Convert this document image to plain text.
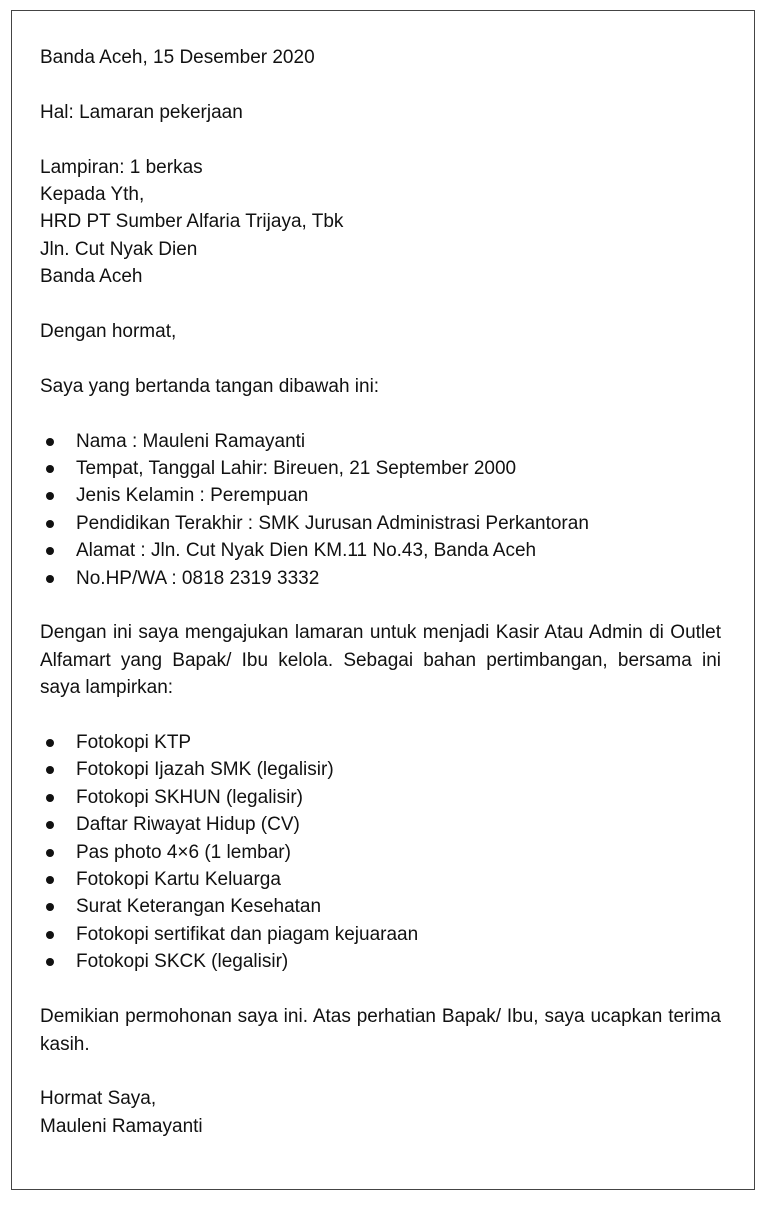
Banda Aceh, 15 Desember 2020
Hal: Lamaran pekerjaan
Lampiran: 1 berkas
Kepada Yth,
HRD PT Sumber Alfaria Trijaya, Tbk
Jln. Cut Nyak Dien
Banda Aceh
Dengan hormat,
Saya yang bertanda tangan dibawah ini:
Nama : Mauleni Ramayanti
Tempat, Tanggal Lahir: Bireuen, 21 September 2000
Jenis Kelamin : Perempuan
Pendidikan Terakhir : SMK Jurusan Administrasi Perkantoran
Alamat : Jln. Cut Nyak Dien KM.11 No.43, Banda Aceh
No.HP/WA : 0818 2319 3332
Dengan ini saya mengajukan lamaran untuk menjadi Kasir Atau Admin di Outlet Alfamart yang Bapak/ Ibu kelola. Sebagai bahan pertimbangan, bersama ini saya lampirkan:
Fotokopi KTP
Fotokopi Ijazah SMK (legalisir)
Fotokopi SKHUN (legalisir)
Daftar Riwayat Hidup (CV)
Pas photo 4×6 (1 lembar)
Fotokopi Kartu Keluarga
Surat Keterangan Kesehatan
Fotokopi sertifikat dan piagam kejuaraan
Fotokopi SKCK (legalisir)
Demikian permohonan saya ini. Atas perhatian Bapak/ Ibu, saya ucapkan terima kasih.
Hormat Saya,
Mauleni Ramayanti
